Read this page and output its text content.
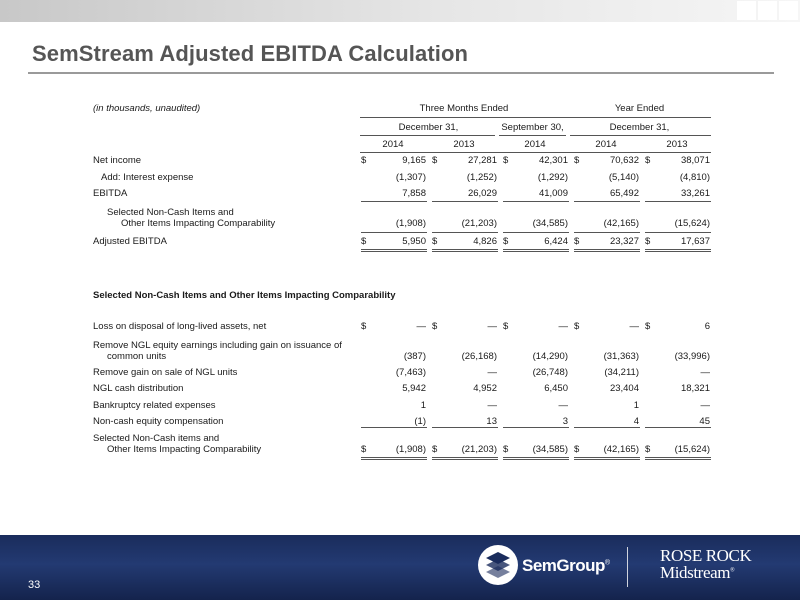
SemStream Adjusted EBITDA Calculation
(in thousands, unaudited)	Three Months Ended	Year Ended
December 31,	September 30,	December 31,
2014	2013	2014	2014	2013
Net income	$	9,165 $	27,281 $	42,301 $	70,632 $	38,071
Add: Interest expense	(1,307)	(1,252)	(1,292)	(5,140)	(4,810)
EBITDA	7,858	26,029	41,009	65,492	33,261
Selected Non-Cash Items and
Other Items Impacting Comparability	(1,908)	(21,203)	(34,585)	(42,165)	(15,624)
Adjusted EBITDA	$	5,950 $	4,826 $	6,424 $	23,327 $	17,637
Selected Non-Cash Items and Other Items Impacting Comparability
Loss on disposal of long-lived assets, net	$	— $	— $	— $	— $	6
Remove NGL equity earnings including gain on issuance of
common units	(387)	(26,168)	(14,290)	(31,363)	(33,996)
Remove gain on sale of NGL units	(7,463)	—	(26,748)	(34,211)	—
NGL cash distribution	5,942	4,952	6,450	23,404	18,321
Bankruptcy related expenses	1	—	—	1	—
Non-cash equity compensation	(1)	13	3	4	45
Selected Non-Cash items and
Other Items Impacting Comparability	$	(1,908) $	(21,203) $	(34,585) $	(42,165) $	(15,624)
33
SemGroup®	ROSE ROCK
Midstream®
